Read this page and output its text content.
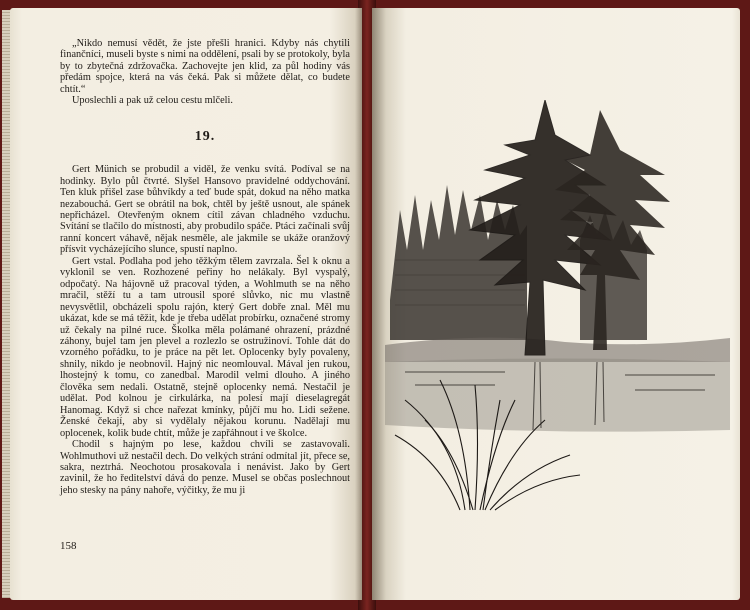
„Nikdo nemusí vědět, že jste přešli hranici. Kdyby nás chytili finančníci, museli byste s nimi na oddělení, psali by se protokoly, byla by to zbytečná zdržovačka. Zachovejte jen klid, za půl hodiny vás předám spojce, která na vás čeká. Pak si můžete dělat, co budete chtít.“

Uposlechli a pak už celou cestu mlčeli.

19.

Gert Münich se probudil a viděl, že venku svítá. Podíval se na hodinky. Bylo půl čtvrté. Slyšel Hansovo pravidelné oddychování. Ten kluk přišel zase bůhvíkdy a teď bude spát, dokud na něho matka nezabouchá. Gert se obrátil na bok, chtěl by ještě usnout, ale spánek nepřicházel. Otevřeným oknem cítil závan chladného vzduchu. Svítání se tlačilo do místnosti, aby probudilo spáče. Ptáci začínali svůj ranní koncert váhavě, nějak nesměle, ale jakmile se ukáže oranžový přísvit vycházejícího slunce, spustí naplno.

Gert vstal. Podlaha pod jeho těžkým tělem zavrzala. Šel k oknu a vyklonil se ven. Rozhozené peřiny ho nelákaly. Byl vyspalý, odpočatý. Na hájovně už pracoval týden, a Wohlmuth se na něho mračil, stěží tu a tam utrousil sporé slůvko, nic mu vlastně nevysvětlil, obcházeli spolu rajón, který Gert dobře znal. Měl mu ukázat, kde se má těžit, kde je třeba udělat probírku, označené stromy už čekaly na pilné ruce. Školka měla polámané ohrazení, prázdné záhony, bujel tam jen plevel a rozlezlo se ostružinoví. Tohle dát do vzorného pořádku, to je práce na pět let. Oplocenky byly povaleny, shnily, nikdo je neobnovil. Hajný nic neomlouval. Mával jen rukou, lhostejný k tomu, co zanedbal. Marodil velmi dlouho. A jiného člověka sem nedali. Ostatně, stejně oplocenky nemá. Nestačil je udělat. Pod kolnou je cirkulárka, na polesí mají dieselagregát Hanomag. Když si chce nařezat kmínky, půjčí mu ho. Lidi sežene. Ženské čekají, aby si vydělaly nějakou korunu. Nadělají mu oplocenek, kolik bude chtít, může je zapřáhnout i ve školce.

Chodil s hajným po lese, každou chvíli se zastavovali. Wohlmuthovi už nestačil dech. Do velkých strání odmítal jít, přece se, sakra, neztrhá. Neochotou prosakovala i nenávist. Jako by Gert zavinil, že ho ředitelství dává do penze. Musel se občas poslechnout jeho stesky na pány nahoře, výčitky, že mu ji

158
